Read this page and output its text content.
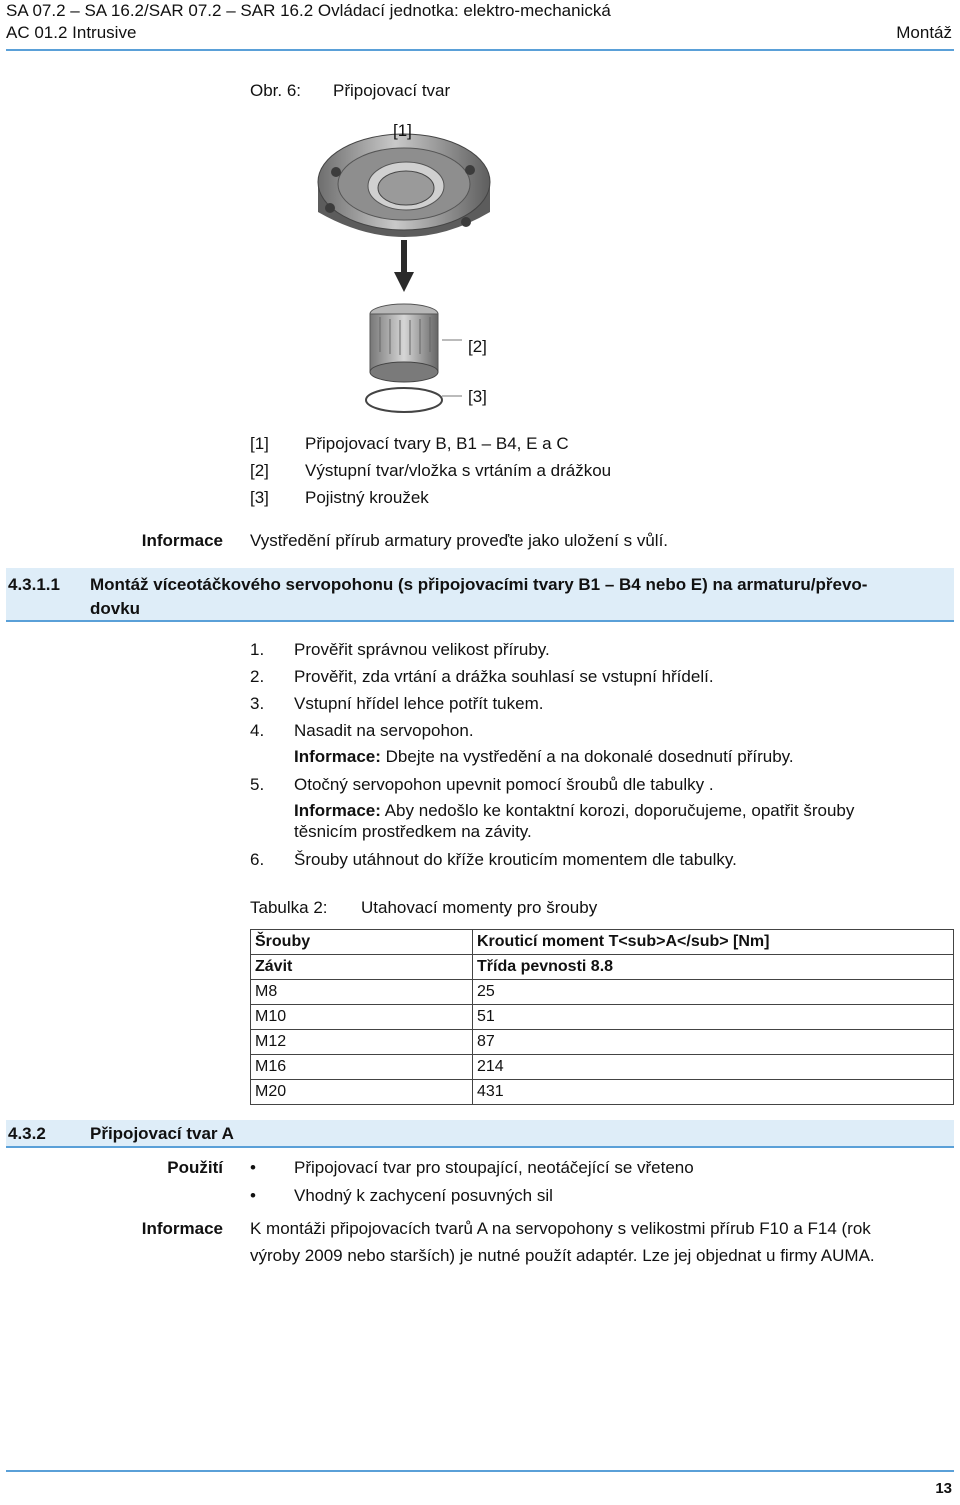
SA 07.2 – SA 16.2/SAR 07.2 – SAR 16.2 Ovládací jednotka: elektro-mechanická
AC 01.2 Intrusive	Montáž
Obr. 6: Připojovací tvar
[1]
[2]
[3]
[1] Připojovací tvary B, B1 – B4, E a C
[2] Výstupní tvar/vložka s vrtáním a drážkou
[3] Pojistný kroužek
Informace Vystředění přírub armatury proveďte jako uložení s vůlí.
4.3.1.1 Montáž víceotáčkového servopohonu (s připojovacími tvary B1 – B4 nebo E) na armaturu/převo-
dovku
1. Prověřit správnou velikost příruby.
2. Prověřit, zda vrtání a drážka souhlasí se vstupní hřídelí.
3. Vstupní hřídel lehce potřít tukem.
4. Nasadit na servopohon.
Informace: Dbejte na vystředění a na dokonalé dosednutí příruby.
5. Otočný servopohon upevnit pomocí šroubů dle tabulky .
Informace: Aby nedošlo ke kontaktní korozi, doporučujeme, opatřit šrouby
těsnicím prostředkem na závity.
6. Šrouby utáhnout do kříže krouticím momentem dle tabulky.
Tabulka 2: Utahovací momenty pro šrouby
Šrouby	Krouticí moment T<sub>A</sub> [Nm]
Závit	Třída pevnosti 8.8
M8	25
M10	51
M12	87
M16	214
M20	431
4.3.2	Připojovací tvar A
Použití • Připojovací tvar pro stoupající, neotáčející se vřeteno
• Vhodný k zachycení posuvných sil
Informace K montáži připojovacích tvarů A na servopohony s velikostmi přírub F10 a F14 (rok
výroby 2009 nebo starších) je nutné použít adaptér. Lze jej objednat u firmy AUMA.
13
